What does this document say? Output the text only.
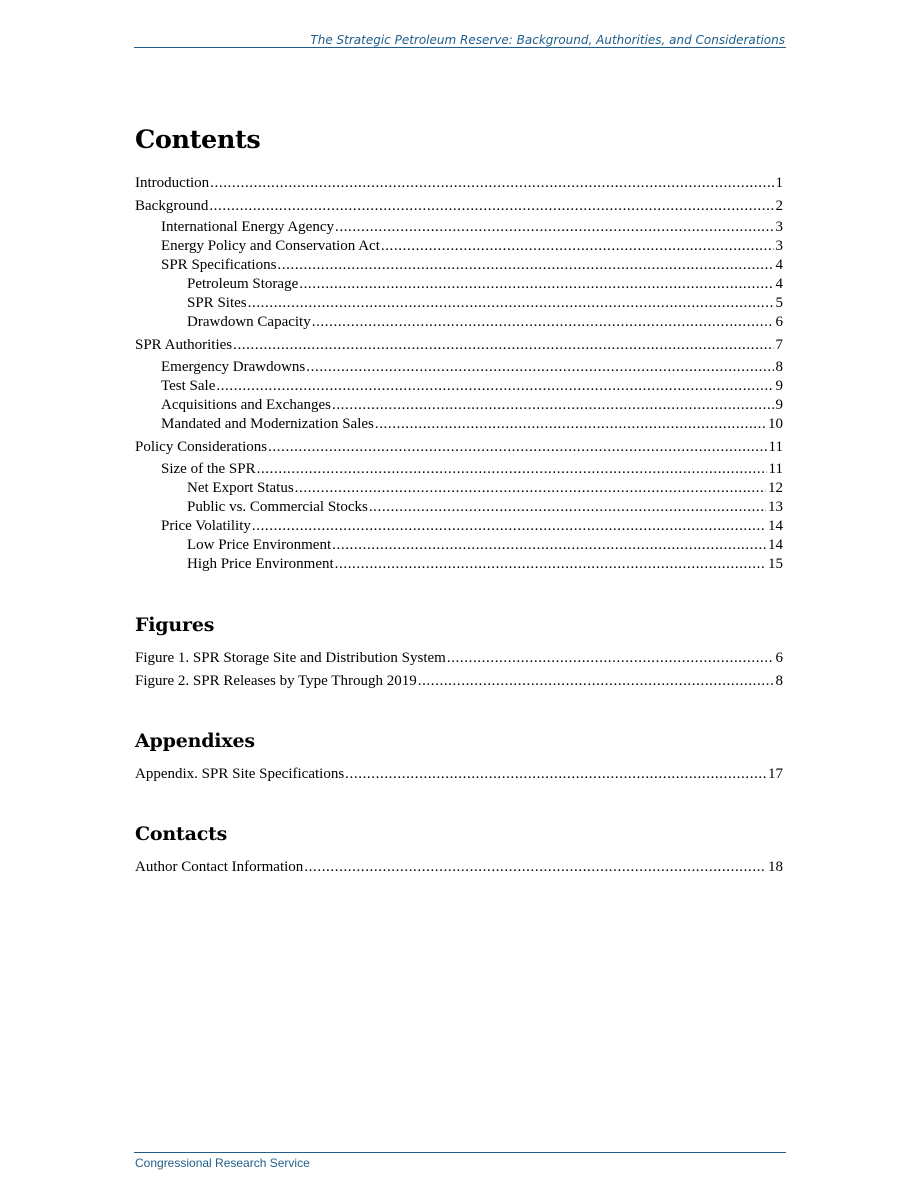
The Strategic Petroleum Reserve: Background, Authorities, and Considerations
Contents
Introduction .....	1
Background .....	2
International Energy Agency .....	3
Energy Policy and Conservation Act .....	3
SPR Specifications .....	4
Petroleum Storage .....	4
SPR Sites .....	5
Drawdown Capacity .....	6
SPR Authorities .....	7
Emergency Drawdowns .....	8
Test Sale .....	9
Acquisitions and Exchanges .....	9
Mandated and Modernization Sales .....	10
Policy Considerations .....	11
Size of the SPR .....	11
Net Export Status .....	12
Public vs. Commercial Stocks .....	13
Price Volatility .....	14
Low Price Environment .....	14
High Price Environment .....	15
Figures
Figure 1. SPR Storage Site and Distribution System .....	6
Figure 2. SPR Releases by Type Through 2019 .....	8
Appendixes
Appendix. SPR Site Specifications .....	17
Contacts
Author Contact Information .....	18
Congressional Research Service
